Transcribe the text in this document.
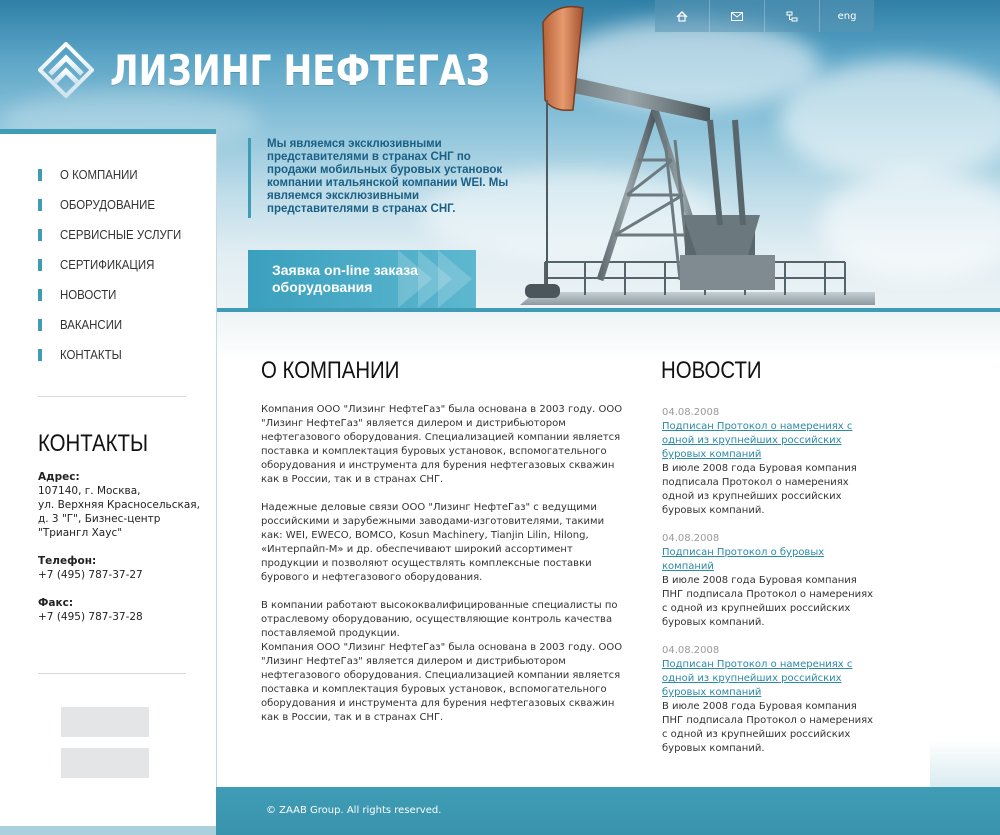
ЛИЗИНГ НЕФТЕГАЗ
eng
Мы являемся эксклюзивными представителями в странах СНГ по продажи мобильных буровых установок компании итальянской компании WEI. Мы являемся эксклюзивными представителями в странах СНГ.
Заявка on-line заказа оборудования
О КОМПАНИИ
ОБОРУДОВАНИЕ
СЕРВИСНЫЕ УСЛУГИ
СЕРТИФИКАЦИЯ
НОВОСТИ
ВАКАНСИИ
КОНТАКТЫ
КОНТАКТЫ
Адрес:
107140, г. Москва,
ул. Верхняя Красносельская,
д. 3 "Г", Бизнес-центр
"Триангл Хаус"
Телефон:
+7 (495) 787-37-27
Факс:
+7 (495) 787-37-28
О КОМПАНИИ

Компания ООО "Лизинг НефтеГаз" была основана в 2003 году. ООО "Лизинг НефтеГаз" является дилером и дистрибьютором нефтегазового оборудования. Специализацией компании является поставка и комплектация буровых установок, вспомогательного оборудования и инструмента для бурения нефтегазовых скважин как в России, так и в странах СНГ.

Надежные деловые связи ООО "Лизинг НефтеГаз" с ведущими российскими и зарубежными заводами-изготовителями, такими как: WEI, EWECO, BOMCO, Kosun Machinery, Tianjin Lilin, Hilong, «Интерпайп-М» и др. обеспечивают широкий ассортимент продукции и позволяют осуществлять комплексные поставки бурового и нефтегазового оборудования.

В компании работают высококвалифицированные специалисты по отраслевому оборудованию, осуществляющие контроль качества поставляемой продукции.

Компания ООО "Лизинг НефтеГаз" была основана в 2003 году. ООО "Лизинг НефтеГаз" является дилером и дистрибьютором нефтегазового оборудования. Специализацией компании является поставка и комплектация буровых установок, вспомогательного оборудования и инструмента для бурения нефтегазовых скважин как в России, так и в странах СНГ.

НОВОСТИ
04.08.2008
Подписан Протокол о намерениях с одной из крупнейших российских буровых компаний
В июле 2008 года Буровая компания подписала Протокол о намерениях одной из крупнейших российских буровых компаний.
04.08.2008
Подписан Протокол о буровых компаний
В июле 2008 года Буровая компания ПНГ подписала Протокол о намерениях с одной из крупнейших российских буровых компаний.
04.08.2008
Подписан Протокол о намерениях с одной из крупнейших российских буровых компаний
В июле 2008 года Буровая компания ПНГ подписала Протокол о намерениях с одной из крупнейших российских буровых компаний.
© ZAAB Group. All rights reserved.
